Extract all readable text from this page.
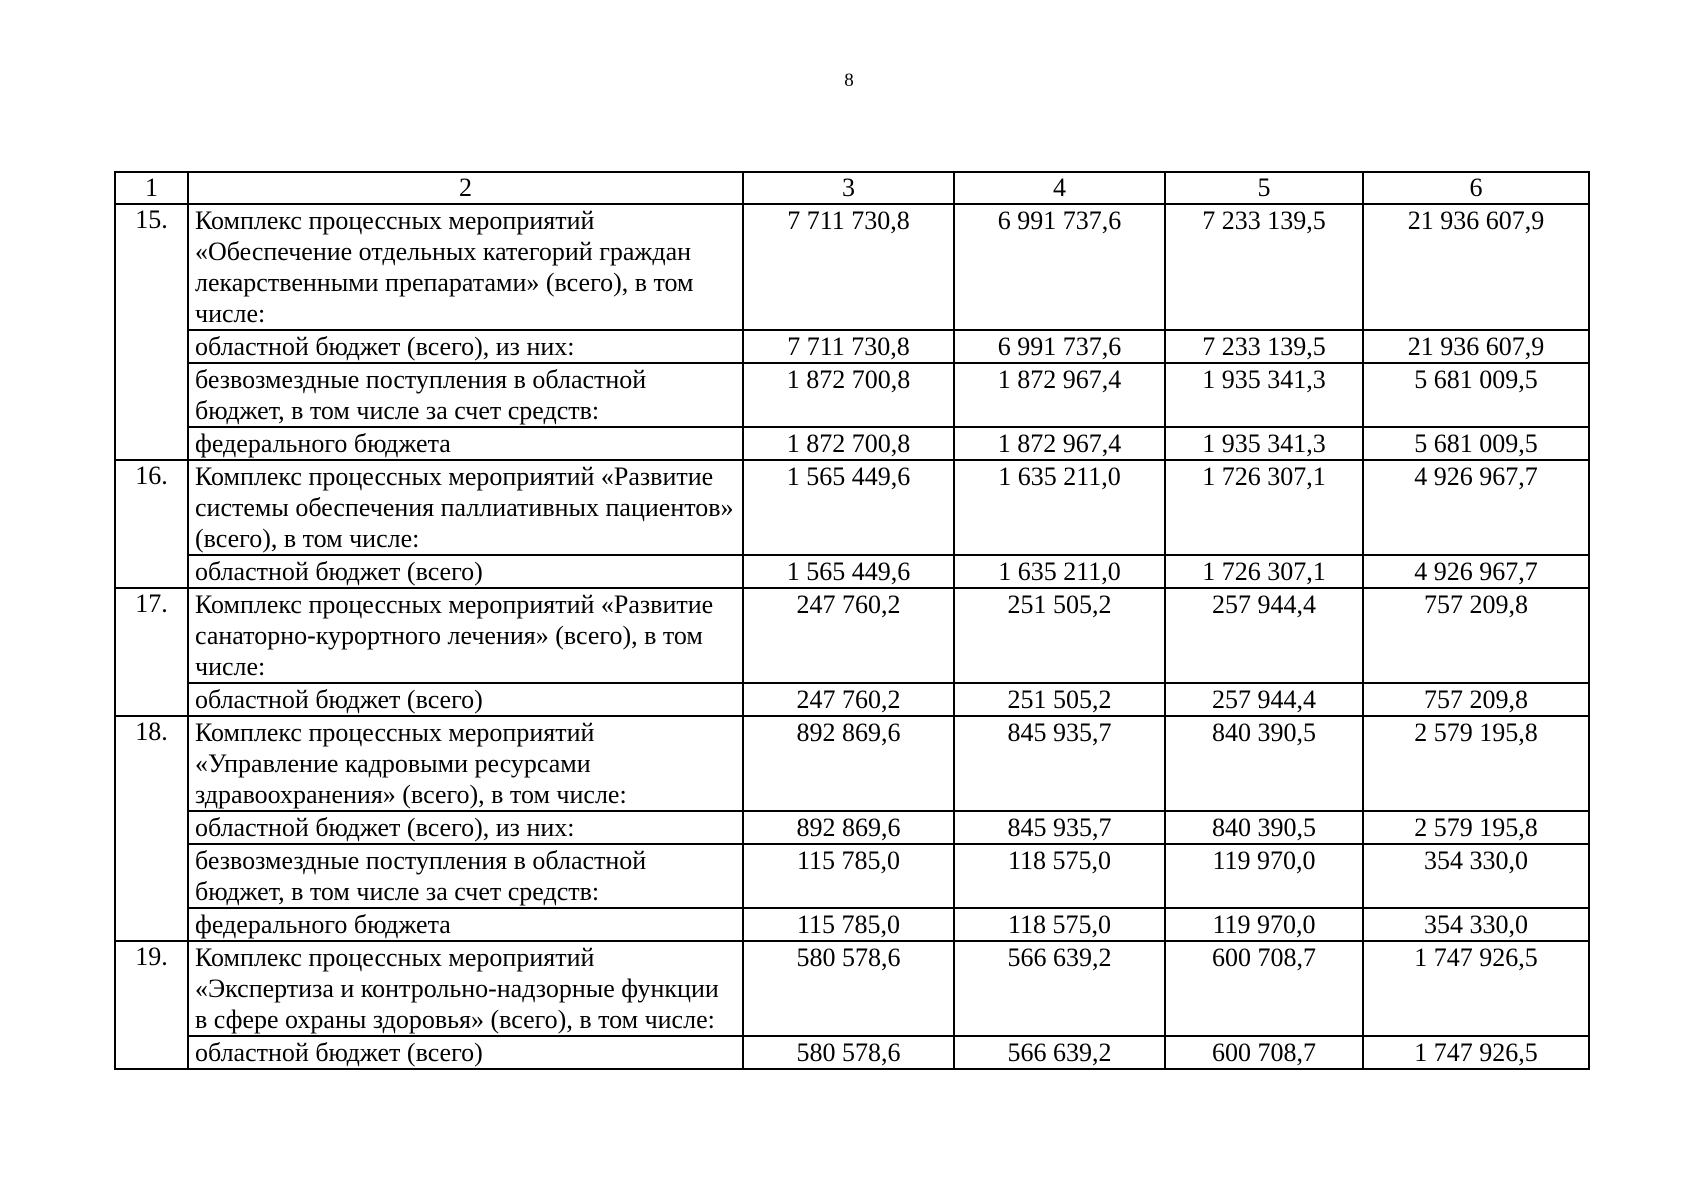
8
1	2	3	4	5	6
15.	Комплекс процессных мероприятий «Обеспечение отдельных категорий граждан лекарственными препаратами» (всего), в том числе:	7 711 730,8	6 991 737,6	7 233 139,5	21 936 607,9
	областной бюджет (всего), из них:	7 711 730,8	6 991 737,6	7 233 139,5	21 936 607,9
	безвозмездные поступления в областной бюджет, в том числе за счет средств:	1 872 700,8	1 872 967,4	1 935 341,3	5 681 009,5
	федерального бюджета	1 872 700,8	1 872 967,4	1 935 341,3	5 681 009,5
16.	Комплекс процессных мероприятий «Развитие системы обеспечения паллиативных пациентов» (всего), в том числе:	1 565 449,6	1 635 211,0	1 726 307,1	4 926 967,7
	областной бюджет (всего)	1 565 449,6	1 635 211,0	1 726 307,1	4 926 967,7
17.	Комплекс процессных мероприятий «Развитие санаторно-курортного лечения» (всего), в том числе:	247 760,2	251 505,2	257 944,4	757 209,8
	областной бюджет (всего)	247 760,2	251 505,2	257 944,4	757 209,8
18.	Комплекс процессных мероприятий «Управление кадровыми ресурсами здравоохранения» (всего), в том числе:	892 869,6	845 935,7	840 390,5	2 579 195,8
	областной бюджет (всего), из них:	892 869,6	845 935,7	840 390,5	2 579 195,8
	безвозмездные поступления в областной бюджет, в том числе за счет средств:	115 785,0	118 575,0	119 970,0	354 330,0
	федерального бюджета	115 785,0	118 575,0	119 970,0	354 330,0
19.	Комплекс процессных мероприятий «Экспертиза и контрольно-надзорные функции в сфере охраны здоровья» (всего), в том числе:	580 578,6	566 639,2	600 708,7	1 747 926,5
	областной бюджет (всего)	580 578,6	566 639,2	600 708,7	1 747 926,5
